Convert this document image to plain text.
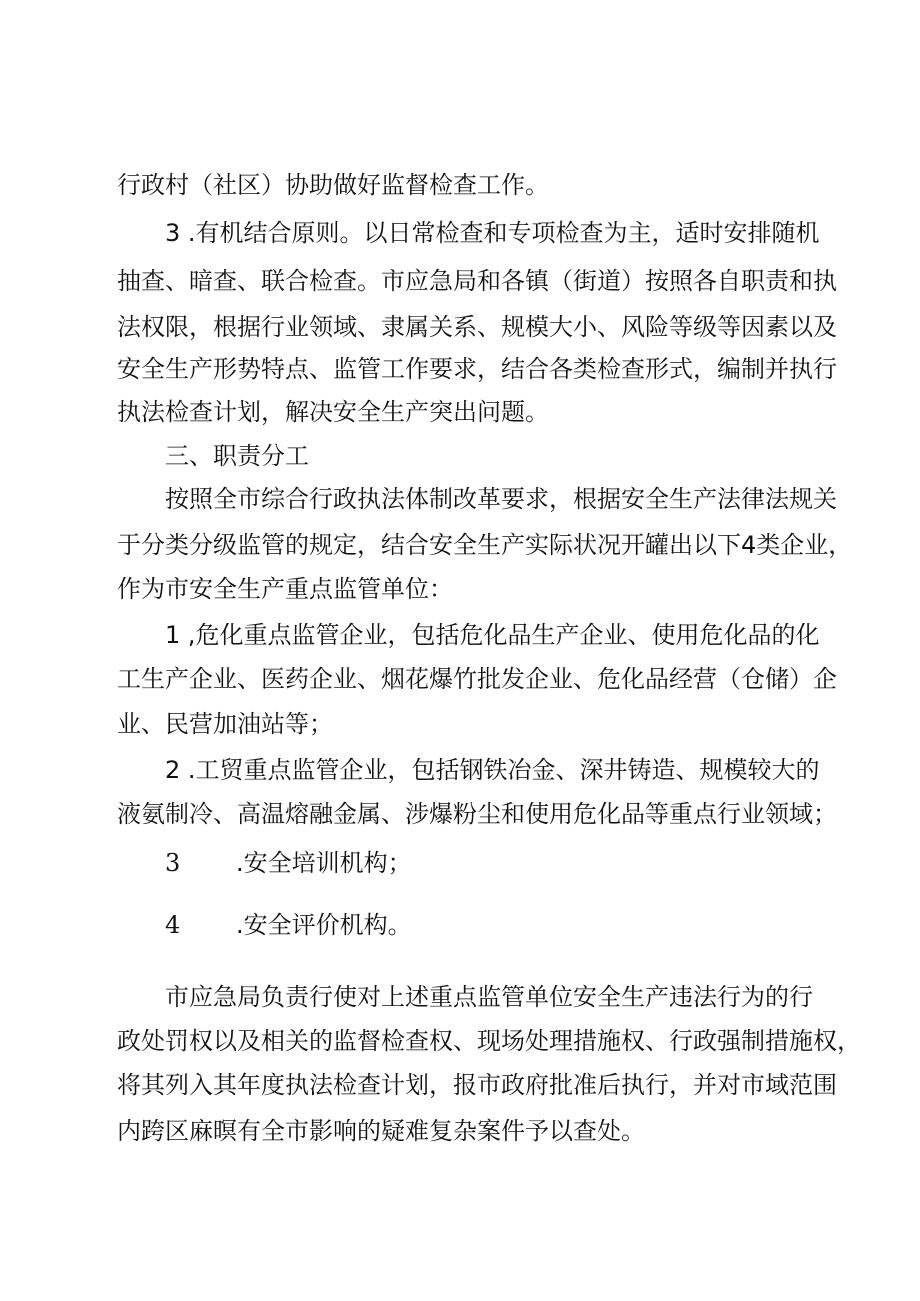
行政村（社区）协助做好监督检查工作。
3 .有机结合原则。以日常检查和专项检查为主，适时安排随机
抽查、暗查、联合检查。市应急局和各镇（街道）按照各自职责和执
法权限，根据行业领域、隶属关系、规模大小、风险等级等因素以及
安全生产形势特点、监管工作要求，结合各类检查形式，编制并执行
执法检查计划，解决安全生产突出问题。
三、职责分工
按照全市综合行政执法体制改革要求，根据安全生产法律法规关
于分类分级监管的规定，结合安全生产实际状况开罐出以下4类企业，
作为市安全生产重点监管单位：
1 ,危化重点监管企业，包括危化品生产企业、使用危化品的化
工生产企业、医药企业、烟花爆竹批发企业、危化品经营（仓储）企
业、民营加油站等；
2 .工贸重点监管企业，包括钢铁冶金、深井铸造、规模较大的
液氨制冷、高温熔融金属、涉爆粉尘和使用危化品等重点行业领域；
3 .安全培训机构；
4 .安全评价机构。
市应急局负责行使对上述重点监管单位安全生产违法行为的行
政处罚权以及相关的监督检查权、现场处理措施权、行政强制措施权，
将其列入其年度执法检查计划，报市政府批准后执行，并对市域范围
内跨区麻暝有全市影响的疑难复杂案件予以查处。
